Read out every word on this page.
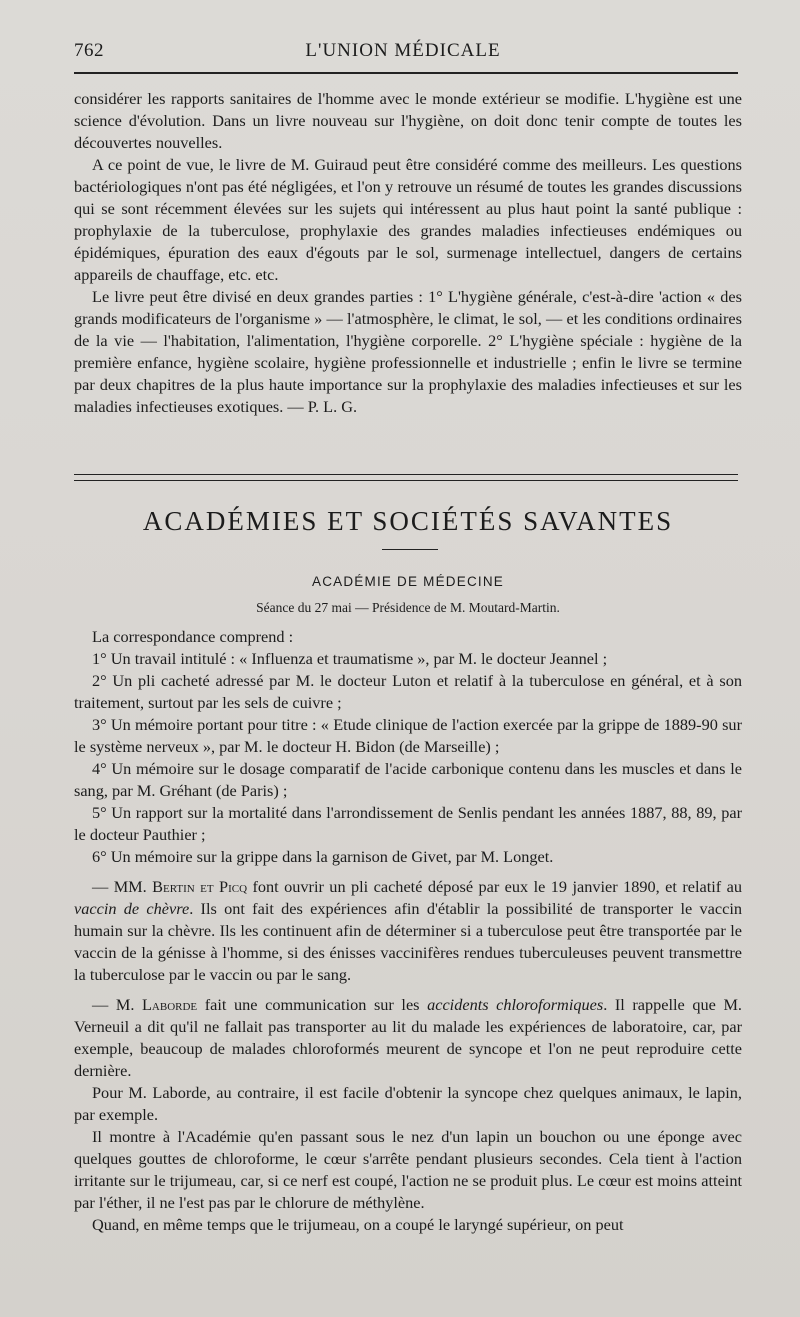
762	L'UNION MÉDICALE

considérer les rapports sanitaires de l'homme avec le monde extérieur se modifie. L'hygiène est une science d'évolution. Dans un livre nouveau sur l'hygiène, on doit donc tenir compte de toutes les découvertes nouvelles.

A ce point de vue, le livre de M. Guiraud peut être considéré comme des meilleurs. Les questions bactériologiques n'ont pas été négligées, et l'on y retrouve un résumé de toutes les grandes discussions qui se sont récemment élevées sur les sujets qui intéressent au plus haut point la santé publique : prophylaxie de la tuberculose, prophylaxie des grandes maladies infectieuses endémiques ou épidémiques, épuration des eaux d'égouts par le sol, surmenage intellectuel, dangers de certains appareils de chauffage, etc. etc.

Le livre peut être divisé en deux grandes parties : 1° L'hygiène générale, c'est-à-dire 'action « des grands modificateurs de l'organisme » — l'atmosphère, le climat, le sol, — et les conditions ordinaires de la vie — l'habitation, l'alimentation, l'hygiène corporelle. 2° L'hygiène spéciale : hygiène de la première enfance, hygiène scolaire, hygiène professionnelle et industrielle ; enfin le livre se termine par deux chapitres de la plus haute importance sur la prophylaxie des maladies infectieuses et sur les maladies infectieuses exotiques. — P. L. G.

ACADÉMIES ET SOCIÉTÉS SAVANTES
ACADÉMIE DE MÉDECINE
Séance du 27 mai — Présidence de M. Moutard-Martin.

La correspondance comprend :

1° Un travail intitulé : « Influenza et traumatisme », par M. le docteur Jeannel ;

2° Un pli cacheté adressé par M. le docteur Luton et relatif à la tuberculose en général, et à son traitement, surtout par les sels de cuivre ;

3° Un mémoire portant pour titre : « Etude clinique de l'action exercée par la grippe de 1889-90 sur le système nerveux », par M. le docteur H. Bidon (de Marseille) ;

4° Un mémoire sur le dosage comparatif de l'acide carbonique contenu dans les muscles et dans le sang, par M. Gréhant (de Paris) ;

5° Un rapport sur la mortalité dans l'arrondissement de Senlis pendant les années 1887, 88, 89, par le docteur Pauthier ;

6° Un mémoire sur la grippe dans la garnison de Givet, par M. Longet.

— MM. Bertin et Picq font ouvrir un pli cacheté déposé par eux le 19 janvier 1890, et relatif au vaccin de chèvre. Ils ont fait des expériences afin d'établir la possibilité de transporter le vaccin humain sur la chèvre. Ils les continuent afin de déterminer si a tuberculose peut être transportée par le vaccin de la génisse à l'homme, si des énisses vaccinifères rendues tuberculeuses peuvent transmettre la tuberculose par le vaccin ou par le sang.

— M. Laborde fait une communication sur les accidents chloroformiques. Il rappelle que M. Verneuil a dit qu'il ne fallait pas transporter au lit du malade les expériences de laboratoire, car, par exemple, beaucoup de malades chloroformés meurent de syncope et l'on ne peut reproduire cette dernière.

Pour M. Laborde, au contraire, il est facile d'obtenir la syncope chez quelques animaux, le lapin, par exemple.

Il montre à l'Académie qu'en passant sous le nez d'un lapin un bouchon ou une éponge avec quelques gouttes de chloroforme, le cœur s'arrête pendant plusieurs secondes. Cela tient à l'action irritante sur le trijumeau, car, si ce nerf est coupé, l'action ne se produit plus. Le cœur est moins atteint par l'éther, il ne l'est pas par le chlorure de méthylène.

Quand, en même temps que le trijumeau, on a coupé le laryngé supérieur, on peut
